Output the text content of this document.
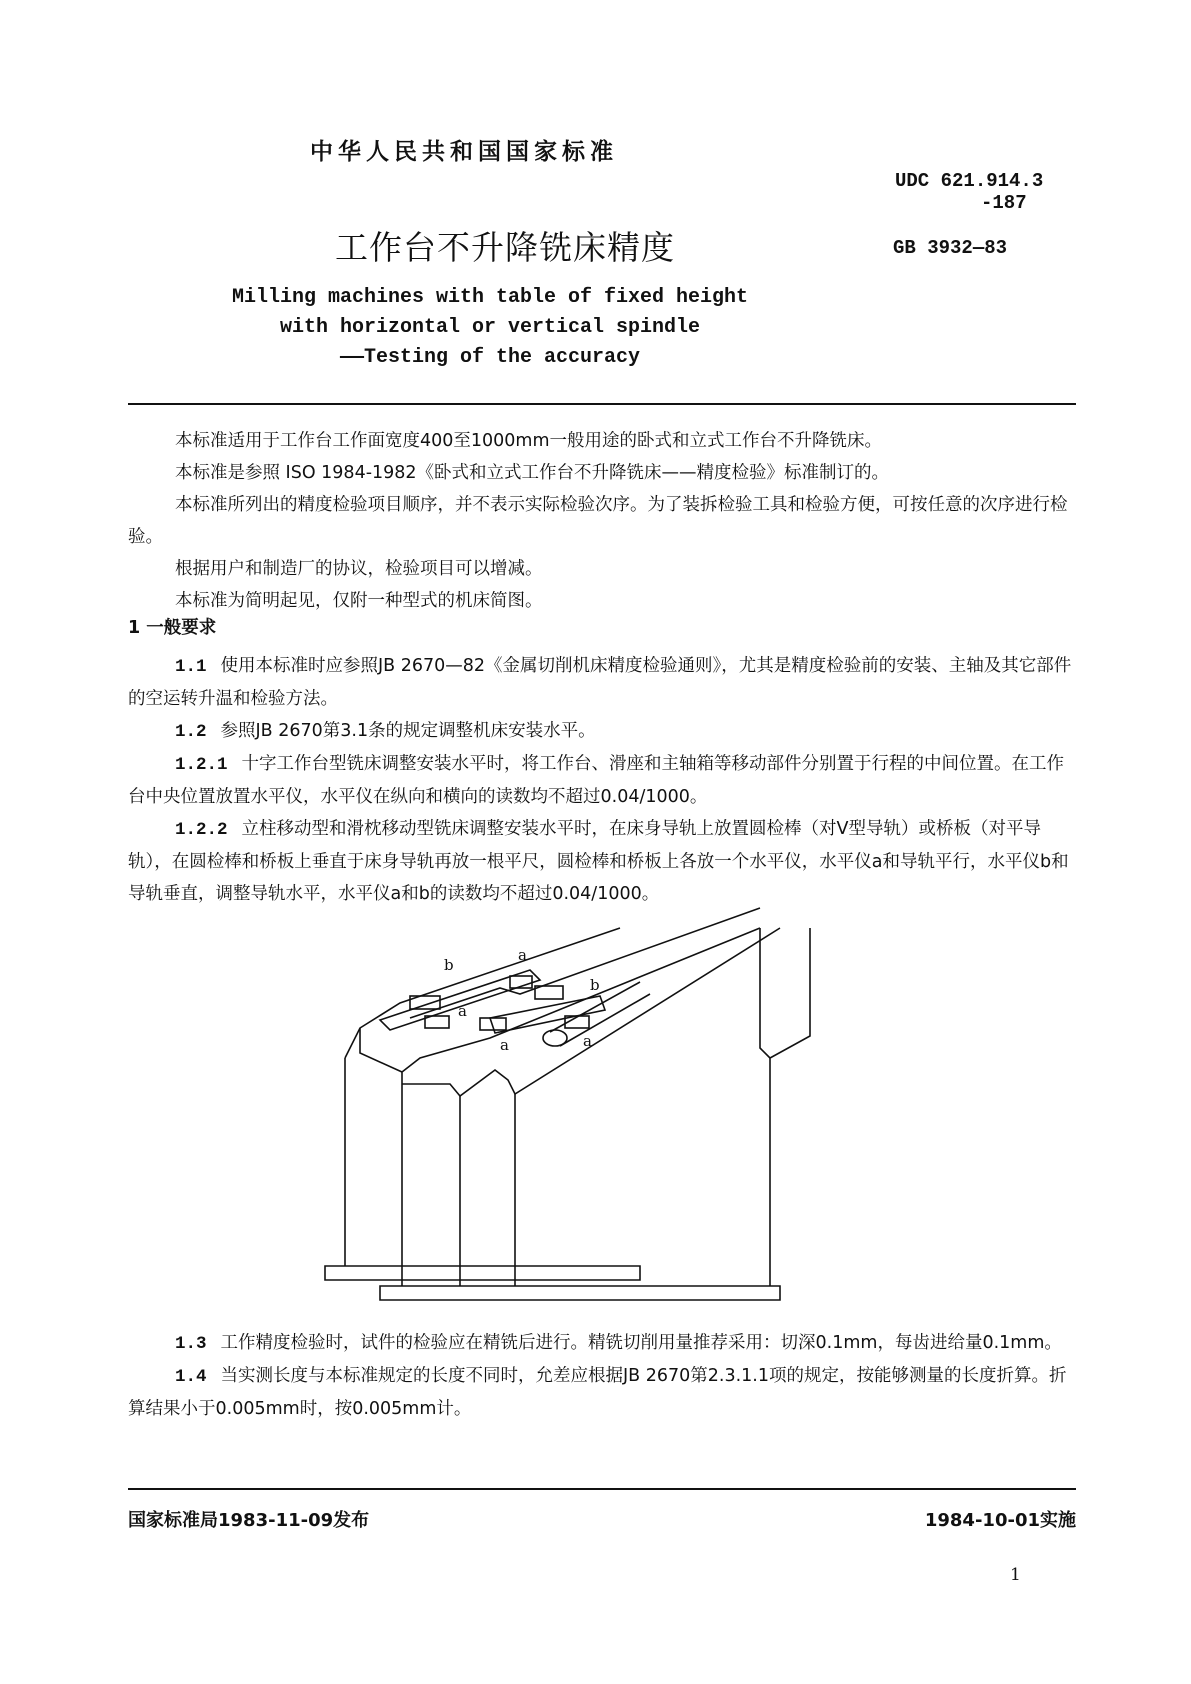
中华人民共和国国家标准
UDC 621.914.3
-187
工作台不升降铣床精度	GB 3932—83
Milling machines with table of fixed height
with horizontal or vertical spindle
——Testing of the accuracy

本标准适用于工作台工作面宽度400至1000mm一般用途的卧式和立式工作台不升降铣床。

本标准是参照 ISO 1984-1982《卧式和立式工作台不升降铣床——精度检验》标准制订的。

本标准所列出的精度检验项目顺序，并不表示实际检验次序。为了装拆检验工具和检验方便，可按任意的次序进行检验。

根据用户和制造厂的协议，检验项目可以增减。

本标准为简明起见，仅附一种型式的机床简图。

1 一般要求

1.1 使用本标准时应参照JB 2670—82《金属切削机床精度检验通则》，尤其是精度检验前的安装、主轴及其它部件的空运转升温和检验方法。

1.2 参照JB 2670第3.1条的规定调整机床安装水平。

1.2.1 十字工作台型铣床调整安装水平时，将工作台、滑座和主轴箱等移动部件分别置于行程的中间位置。在工作台中央位置放置水平仪，水平仪在纵向和横向的读数均不超过0.04/1000。

1.2.2 立柱移动型和滑枕移动型铣床调整安装水平时，在床身导轨上放置圆检棒（对V型导轨）或桥板（对平导轨），在圆检棒和桥板上垂直于床身导轨再放一根平尺，圆检棒和桥板上各放一个水平仪，水平仪a和导轨平行，水平仪b和导轨垂直，调整导轨水平，水平仪a和b的读数均不超过0.04/1000。

b
a
a
b
a	a

1.3 工作精度检验时，试件的检验应在精铣后进行。精铣切削用量推荐采用：切深0.1mm，每齿进给量0.1mm。

1.4 当实测长度与本标准规定的长度不同时，允差应根据JB 2670第2.3.1.1项的规定，按能够测量的长度折算。折算结果小于0.005mm时，按0.005mm计。

国家标准局1983-11-09发布	1984-10-01实施
1
